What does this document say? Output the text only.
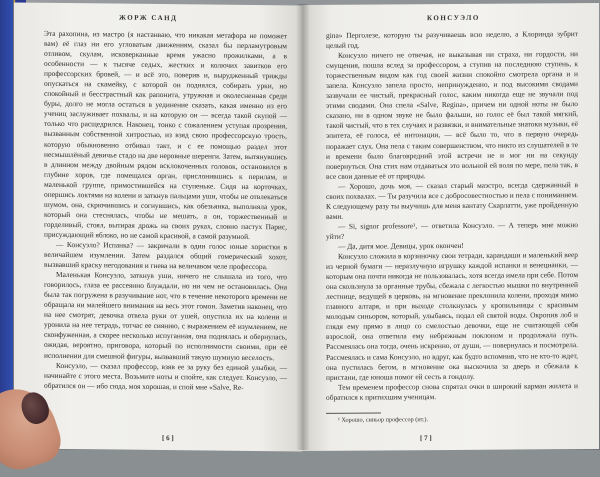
ЖОРЖ САНД

Эта рахопина, из мастро (я настанваю, что никакая метафора не поможет вам) её глаз ни его угловатым движениям, сказал бы перламутровым отливом, скулам, исковерканные время ужасно прожилками, а в особенности — к тысяче седых, жестких и колючих завитков его профессорских бровей, — и всё это, поверив и, вырудженный трижды опускаться на скамейку, с которой он поднялся, собирать урки, но спокойный и бесстрастный как рапонита, утружная и околесненная среди буры, долго не могла остаться в уединение сказать, какая именно из его учениц заслуживает похвалы, и на которую он — всегда такой скупой — только что расщедрился. Наконец, тонко с сожалением уступая прозрения, вызванным собственной хитростью, из взяд свою профессорскую трость, которую обыкновенно отбивал такт, и с ее помощью раздел этот несмышлёный девичье стадо на две неровные шеренги. Затем, вытянувшись в длинном между двойным рядом всклокоченных головок, остановился в глубине хоров, где помещался орган, прислонившись к перилам, и маленькой группе, примостившейся на ступеньке. Сидя на корточках, опершись локтями на колени и заткнув пальцами уши, чтобы не отвлекаться шумом, она, скрючившись и согнувшись, как обезьянка, выполняла урок, который она стеснялась, чтобы не мешать, а он, торжественный и горделивый, стоял, вытирая дрожь на своих руках, словно пастух Парис, присуждающий яблоко, но не самой красивой, а самой разумной.

— Консуэло? Испанка? — закричали в один голос юные хористки в величайшем изумлении. Затем раздался общий гомерический хохот, вызвавший краску негодования и гнева на величавом челе профессора.

Маленькая Консуэло, заткнув уши, ничего не слышала из того, что говорилось, глаза ее рассеянно блуждали, но ни чем не остановилась. Она была так погружена в разучивание нот, что в течение некоторого времени не обращала ни малейшего внимания на весь этот гомон. Заметив наконец, что на нее смотрят, девочка отвела руки от ушей, опустила их на колени и уронила на нее тетрадь, тотчас ее сиянию, с выражением её изумлением, не сконфуженная, а скорее несколько испуганная, она поднялась и обернулась, ожидая, вероятно, приговора, который по исполнимости своими, при её исполнении для смешной фигуры, вызвавший такую шумную веселость.

Консуэло, — сказал профессор, взяв ее за руку без единой улыбки, — начинайте с этого места. Возьмите ноты и спойте, как следует. Консуэло, — обратился он — ибо сюда, моя хорошая, и спой мне «Salve, Re-

[ 6 ]
КОНСУЭЛО

gina» Перголезе, которую ты разучиваешь всю неделю, а Клоринда зубрит целый год.

Консуэло ничего не отвечая, не выказывая ни страха, ни гордости, ни смущения, пошла вслед за профессором, а ступив на последнюю ступень, к торжественным видом как год своей жизни спокойно смотрела органа и и запела. Консуэло запела просто, непринужденно, и под высокими сводами зазвучали ее чистый, прекрасный голос, каким никогда еще не звучали под этими сводами. Она спела «Salve, Regina», причем ни одной ноты не было сказано, ни в одном звуке не было фальши, но голос её был такой мягкий, такой чистый, что в тех случаях и развязки, и внимательные знатоки музыки, её эпитета, её голоса, её интонации, — всё было то, что в первую очередь поражает слух. Она пела с таким совершенством, что никто из слушателей в те и времени было благовредний этой встречи не и мог ни на секунду повернуться. Она стих нам отдаваться это вольной ей воля по мере, пела так, в все свои данные её от природы.

— Хорошо, дочь моя, — сказал старый маэстро, всегда сдержанный в своих похвалах. — Ты разучила все с добросовестностью и пела с пониманием. К следующему разу ты выучишь для меня кантату Скарлатти, уже пройденную вами.

— Si, signor professore¹, — ответила Консуэло. — А теперь мне можно уйти?

— Да, дитя мое. Девицы, урок окончен!

Консуэло сложила в корзиночку свои тетради, карандаши и маленький веер из черной бумаги — неразлучную игрушку каждой испанки и венецианки, — которым она почти никогда не пользовалась, хотя всегда имела при себе. Потом она скользнула за органные трубы, сбежала с легкостью мышки по внутренней лестнице, ведущей в церковь, на мгновение преклонила колени, проходя мимо главного алтаря, и при выходе столкнулась у кропильницы с красивым молодым синьором, который, улыбаясь, подал ей святой воды. Окропив лоб и глядя ему прямо в лицо со смелостью девочки, еще не считающей себя взрослой, она ответила ему небрежным поклоном и продолжала путь. Рассмеялась она тогда, очень искренно, от души, — повернулась и посмотрела. Рассмеялась и сама Консуэло, но вдруг, как будто вспомнив, что не кто-то ждет, она пустилась бегом, в мгновение ока выскочила за дверь и сбежала к пристани, где юноша помог ей сесть в гондолу.

Тем временем профессор снова спрятал очки в широкий карман жилета и обратился к притихшим ученицам.

¹ Хорошо, синьор профессор (ит.).
[ 7 ]
